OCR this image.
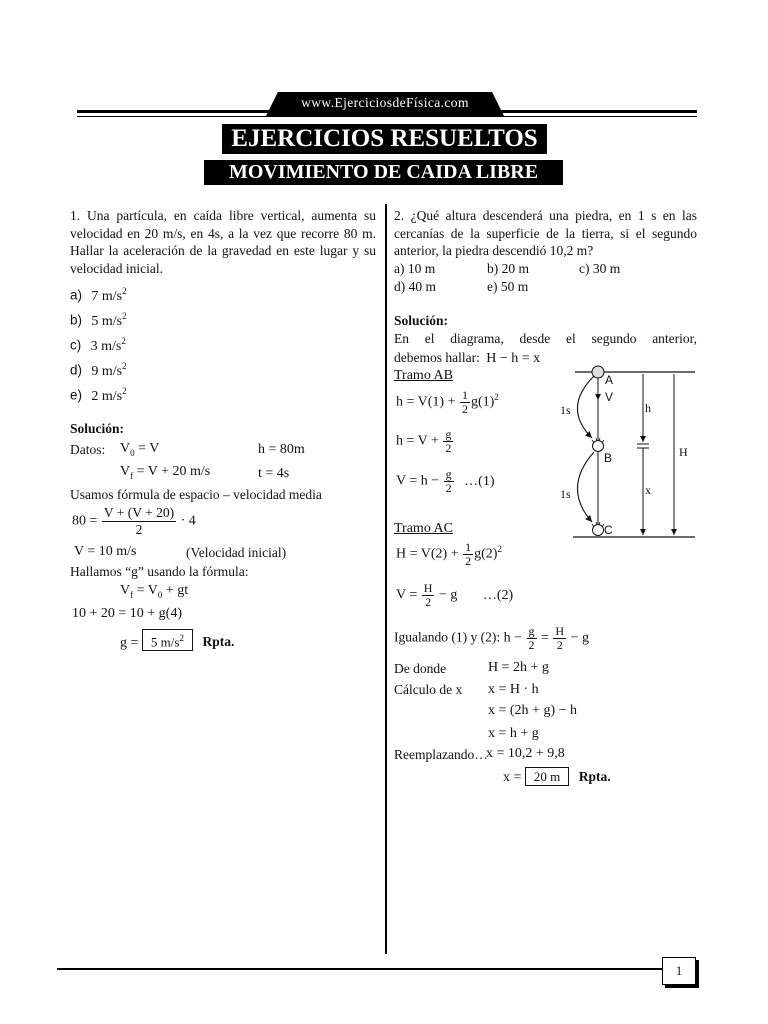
www.EjerciciosdeFísica.com
EJERCICIOS RESUELTOS
MOVIMIENTO DE CAIDA LIBRE
1. Una partícula, en caída libre vertical, aumenta su velocidad en 20 m/s, en 4s, a la vez que recorre 80 m. Hallar la aceleración de la gravedad en este lugar y su velocidad inicial.
a) 7 $m/s^2$
b) 5 $m/s^2$
c) 3 $m/s^2$
d) 9 $m/s^2$
e) 2 $m/s^2$
Solución:
Datos: $V_0 = V$	h = 80m
$V_f = V + 20$ m/s	t = 4s
Usamos fórmula de espacio – velocidad media
$80 = \frac{V + (V + 20)}{2} \cdot 4$
V = 10 m/s	(Velocidad inicial)
Hallamos “g” usando la fórmula:
$V_f = V_0$ + gt
10 + 20 = 10 + g(4)
g = 5 $m/s^2$ Rpta.
2. ¿Qué altura descenderá una piedra, en 1 s en las cercanías de la superficie de la tierra, si el segundo anterior, la piedra descendió 10,2 m?
a) 10 m	b) 20 m	c) 30 m
d) 40 m	e) 50 m
Solución:
En el diagrama, desde el segundo anterior,
debemos hallar: H − h = x
Tramo AB
$h = V(1) + \frac{1}{2} g(1)^2$
$h = V + \frac{g}{2}$
$V = h - \frac{g}{2}$ …(1)
Tramo AC
$H = V(2) + \frac{1}{2} g(2)^2$
$V = \frac{H}{2} - g$ …(2)
Igualando (1) y (2): $h - \frac{g}{2} = \frac{H}{2} - g$
De donde	H = 2h + g
Cálculo de x x = H · h
x = (2h + g) − h
x = h + g
Reemplazando…
x = 10,2 + 9,8
x = 20 m Rpta.
A
V
B
C
h
x
H
1s
1s
1
